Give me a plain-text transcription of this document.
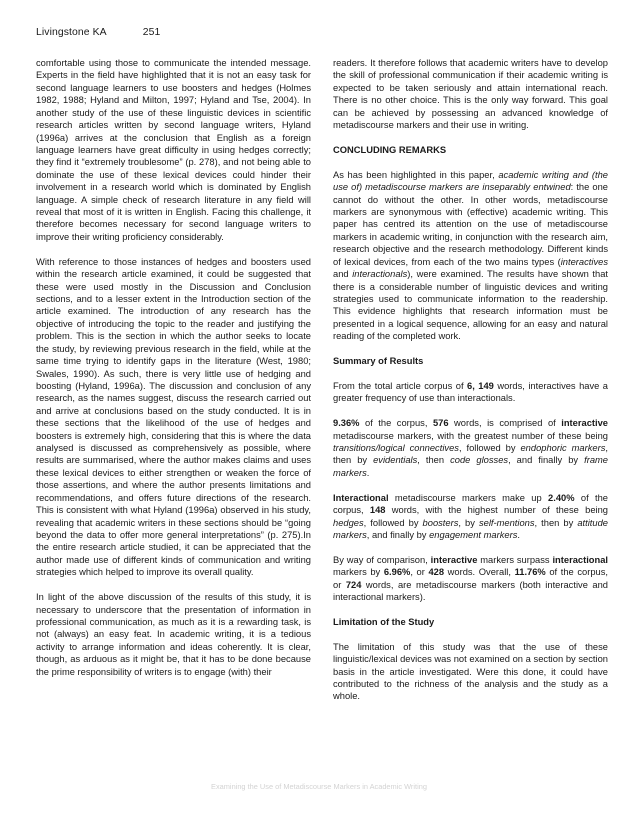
Livingstone KA	251

comfortable using those to communicate the intended message. Experts in the field have highlighted that it is not an easy task for second language learners to use boosters and hedges (Holmes 1982, 1988; Hyland and Milton, 1997; Hyland and Tse, 2004). In another study of the use of these linguistic devices in scientific research articles written by second language writers, Hyland (1996a) arrives at the conclusion that English as a foreign language learners have great difficulty in using hedges correctly; they find it “extremely troublesome” (p. 278), and not being able to dominate the use of these lexical devices could hinder their involvement in a research world which is dominated by English language. A simple check of research literature in any field will reveal that most of it is written in English. Facing this challenge, it therefore becomes necessary for second language writers to improve their writing proficiency considerably.

With reference to those instances of hedges and boosters used within the research article examined, it could be suggested that these were used mostly in the Discussion and Conclusion sections, and to a lesser extent in the Introduction section of the article examined. The introduction of any research has the objective of introducing the topic to the reader and justifying the problem. This is the section in which the author seeks to locate the study, by reviewing previous research in the field, while at the same time trying to identify gaps in the literature (West, 1980; Swales, 1990). As such, there is very little use of hedging and boosting (Hyland, 1996a). The discussion and conclusion of any research, as the names suggest, discuss the research carried out and arrive at conclusions based on the study conducted. It is in these sections that the likelihood of the use of hedges and boosters is extremely high, considering that this is where the data analysed is discussed as comprehensively as possible, where results are summarised, where the author makes claims and uses these lexical devices to either strengthen or weaken the force of those assertions, and where the author presents limitations and recommendations, and offers future directions of the research. This is consistent with what Hyland (1996a) observed in his study, revealing that academic writers in these sections should be “going beyond the data to offer more general interpretations” (p. 275).In the entire research article studied, it can be appreciated that the author made use of different kinds of communication and writing strategies which helped to improve its overall quality.

In light of the above discussion of the results of this study, it is necessary to underscore that the presentation of information in professional communication, as much as it is a rewarding task, is not (always) an easy feat. In academic writing, it is a tedious activity to arrange information and ideas coherently. It is clear, though, as arduous as it might be, that it has to be done because the prime responsibility of writers is to engage (with) their

readers. It therefore follows that academic writers have to develop the skill of professional communication if their academic writing is expected to be taken seriously and attain international reach. There is no other choice. This is the only way forward. This goal can be achieved by possessing an advanced knowledge of metadiscourse markers and their use in writing.

CONCLUDING REMARKS

As has been highlighted in this paper, academic writing and (the use of) metadiscourse markers are inseparably entwined: the one cannot do without the other. In other words, metadiscourse markers are synonymous with (effective) academic writing. This paper has centred its attention on the use of metadiscourse markers in academic writing, in conjunction with the research aim, research objective and the research methodology. Different kinds of lexical devices, from each of the two mains types (interactives and interactionals), were examined. The results have shown that there is a considerable number of linguistic devices and writing strategies used to communicate information to the readership. This evidence highlights that research information must be presented in a logical sequence, allowing for an easy and natural reading of the completed work.

Summary of Results

From the total article corpus of 6, 149 words, interactives have a greater frequency of use than interactionals.

9.36% of the corpus, 576 words, is comprised of interactive metadiscourse markers, with the greatest number of these being transitions/logical connectives, followed by endophoric markers, then by evidentials, then code glosses, and finally by frame markers.

Interactional metadiscourse markers make up 2.40% of the corpus, 148 words, with the highest number of these being hedges, followed by boosters, by self-mentions, then by attitude markers, and finally by engagement markers.

By way of comparison, interactive markers surpass interactional markers by 6.96%, or 428 words. Overall, 11.76% of the corpus, or 724 words, are metadiscourse markers (both interactive and interactional markers).

Limitation of the Study

The limitation of this study was that the use of these linguistic/lexical devices was not examined on a section by section basis in the article investigated. Were this done, it could have contributed to the richness of the analysis and the study as a whole.

Examining the Use of Metadiscourse Markers in Academic Writing
